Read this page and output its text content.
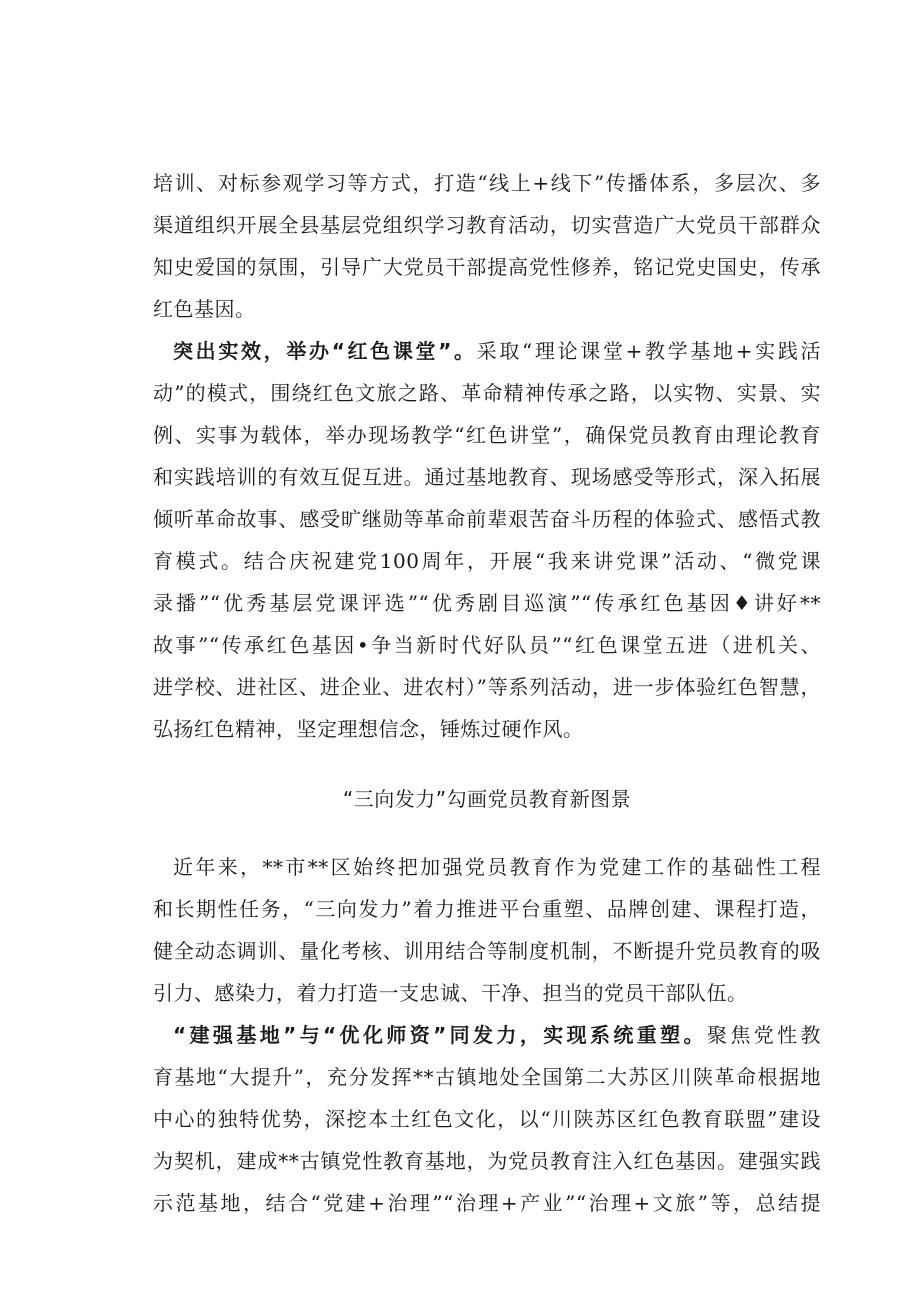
培训、对标参观学习等方式，打造“线上+线下”传播体系，多层次、多
渠道组织开展全县基层党组织学习教育活动，切实营造广大党员干部群众
知史爱国的氛围，引导广大党员干部提高党性修养，铭记党史国史，传承
红色基因。
突出实效，举办“红色课堂”。采取“理论课堂+教学基地+实践活
动”的模式，围绕红色文旅之路、革命精神传承之路，以实物、实景、实
例、实事为载体，举办现场教学“红色讲堂”，确保党员教育由理论教育
和实践培训的有效互促互进。通过基地教育、现场感受等形式，深入拓展
倾听革命故事、感受旷继勋等革命前辈艰苦奋斗历程的体验式、感悟式教
育模式。结合庆祝建党100周年，开展“我来讲党课”活动、“微党课
录播”“优秀基层党课评选”“优秀剧目巡演”“传承红色基因♦讲好**
故事”“传承红色基因•争当新时代好队员”“红色课堂五进（进机关、
进学校、进社区、进企业、进农村）”等系列活动，进一步体验红色智慧，
弘扬红色精神，坚定理想信念，锤炼过硬作风。
“三向发力”勾画党员教育新图景
近年来，**市**区始终把加强党员教育作为党建工作的基础性工程
和长期性任务，“三向发力”着力推进平台重塑、品牌创建、课程打造，
健全动态调训、量化考核、训用结合等制度机制，不断提升党员教育的吸
引力、感染力，着力打造一支忠诚、干净、担当的党员干部队伍。
“建强基地”与“优化师资”同发力，实现系统重塑。聚焦党性教
育基地“大提升”，充分发挥**古镇地处全国第二大苏区川陕革命根据地
中心的独特优势，深挖本土红色文化，以“川陕苏区红色教育联盟”建设
为契机，建成**古镇党性教育基地，为党员教育注入红色基因。建强实践
示范基地，结合“党建+治理”“治理+产业”“治理+文旅”等，总结提
